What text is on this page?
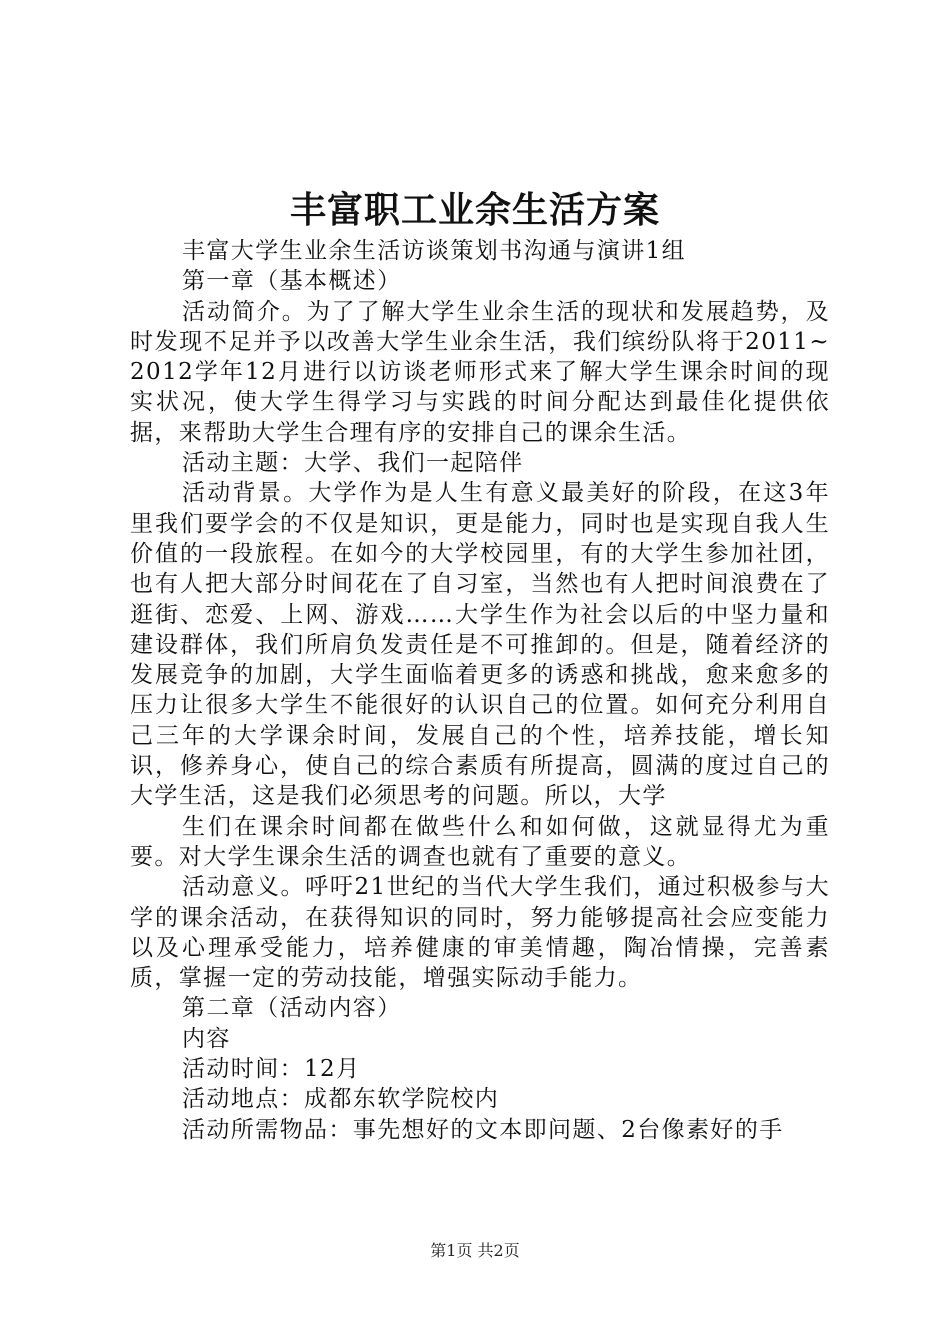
丰富职工业余生活方案

丰富大学生业余生活访谈策划书沟通与演讲1组

第一章（基本概述）

活动简介。为了了解大学生业余生活的现状和发展趋势，及时发现不足并予以改善大学生业余生活，我们缤纷队将于2011~2012学年12月进行以访谈老师形式来了解大学生课余时间的现实状况，使大学生得学习与实践的时间分配达到最佳化提供依据，来帮助大学生合理有序的安排自己的课余生活。

活动主题：大学、我们一起陪伴

活动背景。大学作为是人生有意义最美好的阶段，在这3年里我们要学会的不仅是知识，更是能力，同时也是实现自我人生价值的一段旅程。在如今的大学校园里，有的大学生参加社团，也有人把大部分时间花在了自习室，当然也有人把时间浪费在了逛街、恋爱、上网、游戏……大学生作为社会以后的中坚力量和建设群体，我们所肩负发责任是不可推卸的。但是，随着经济的发展竞争的加剧，大学生面临着更多的诱惑和挑战，愈来愈多的压力让很多大学生不能很好的认识自己的位置。如何充分利用自己三年的大学课余时间，发展自己的个性，培养技能，增长知识，修养身心，使自己的综合素质有所提高，圆满的度过自己的大学生活，这是我们必须思考的问题。所以，大学

生们在课余时间都在做些什么和如何做，这就显得尤为重要。对大学生课余生活的调查也就有了重要的意义。

活动意义。呼吁21世纪的当代大学生我们，通过积极参与大学的课余活动，在获得知识的同时，努力能够提高社会应变能力以及心理承受能力，培养健康的审美情趣，陶冶情操，完善素质，掌握一定的劳动技能，增强实际动手能力。

第二章（活动内容）

内容

活动时间：12月

活动地点：成都东软学院校内

活动所需物品：事先想好的文本即问题、2台像素好的手

第1页 共2页
